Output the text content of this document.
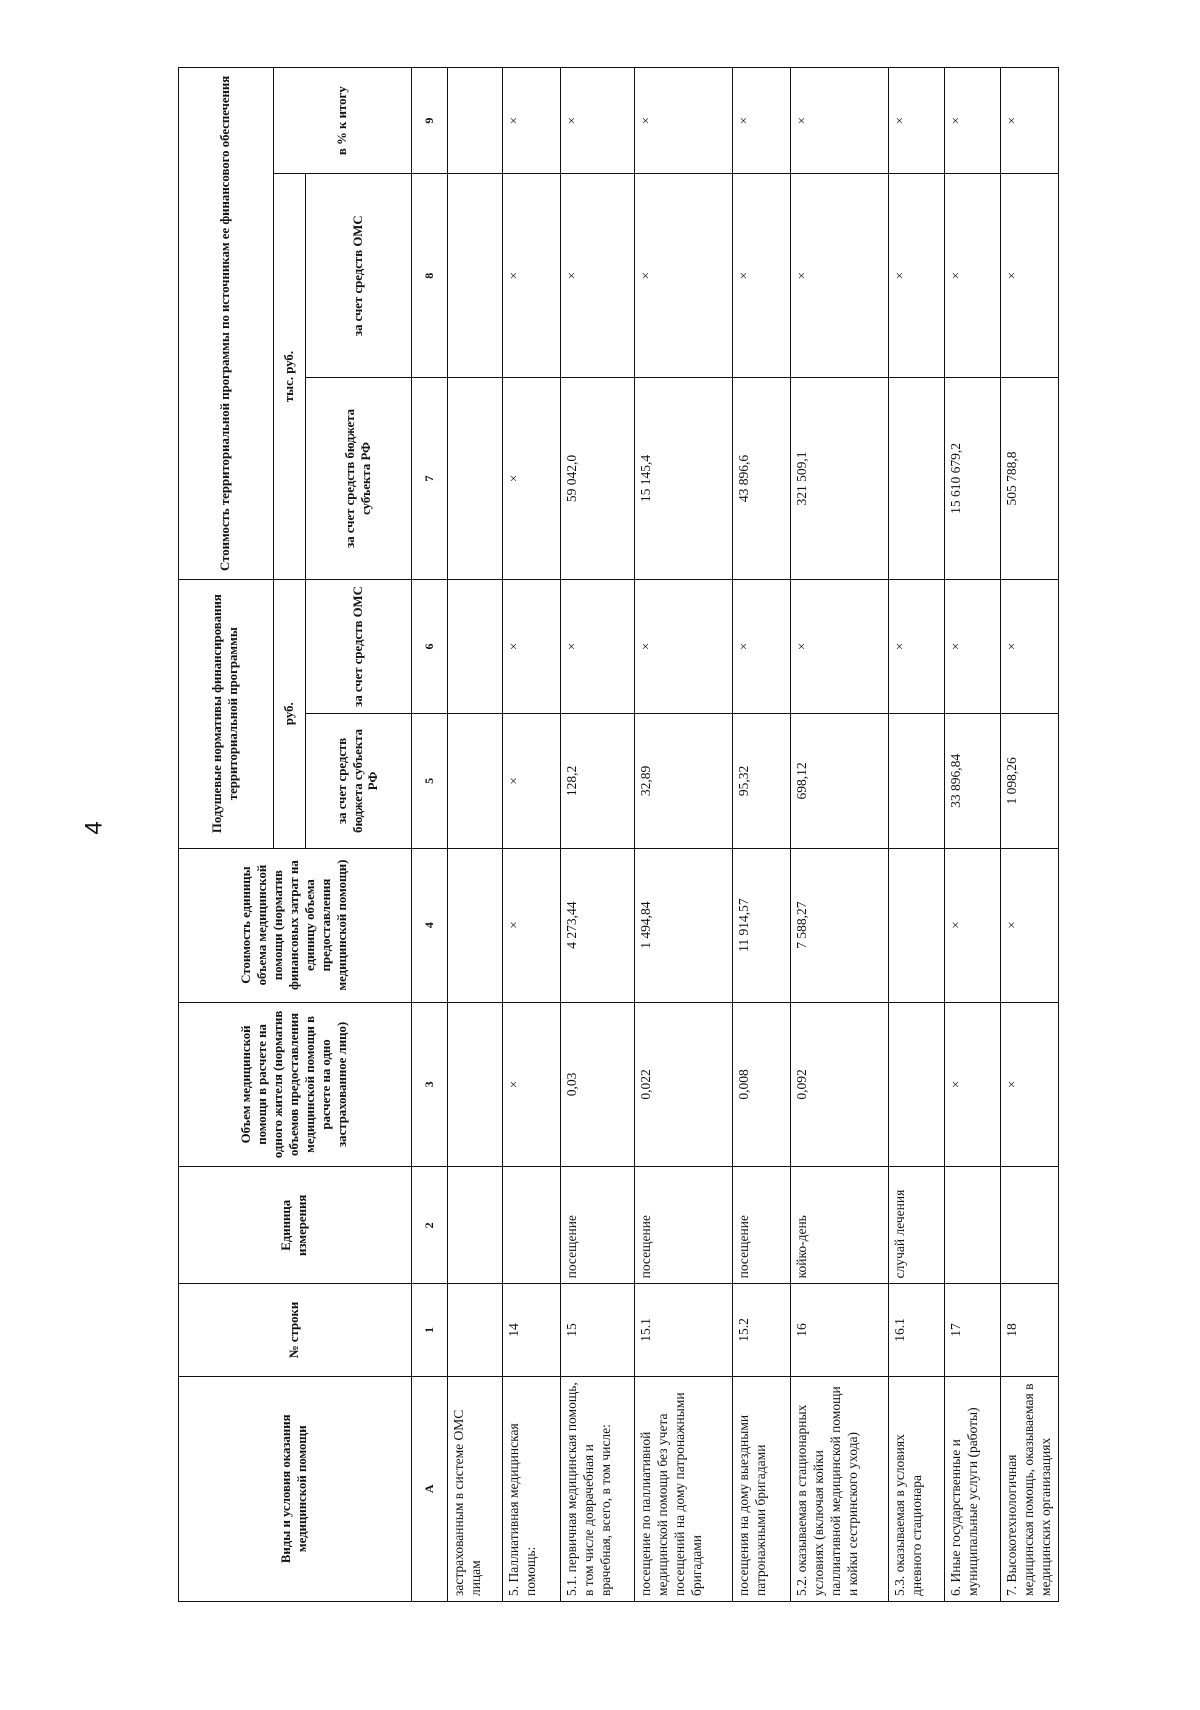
4
Виды и условия оказания медицинской помощи	№ строки	Единица измерения	Объем медицинской помощи в расчете на одного жителя (норматив объемов предоставления медицинской помощи в расчете на одно застрахованное лицо)	Стоимость единицы объема медицинской помощи (норматив финансовых затрат на единицу объема предоставления медицинской помощи)	Подушевые нормативы финансирования территориальной программы		Стоимость территориальной программы по источникам ее финансового обеспечения		
					руб.		тыс. руб.		в % к итогу
					за счет средств бюджета субъекта РФ	за счет средств ОМС	за счет средств бюджета субъекта РФ	за счет средств ОМС	
A	1	2	3	4	5	6	7	8	9
застрахованным в системе ОМС лицам									
5. Паллиативная медицинская помощь:	14		×	×	×	×	×	×	×
5.1. первичная медицинская помощь, в том числе доврачебная и врачебная, всего, в том числе:	15	посещение	0,03	4 273,44	128,2	×	59 042,0	×	×
посещение по паллиативной медицинской помощи без учета посещений на дому патронажными бригадами	15.1	посещение	0,022	1 494,84	32,89	×	15 145,4	×	×
посещения на дому выездными патронажными бригадами	15.2	посещение	0,008	11 914,57	95,32	×	43 896,6	×	×
5.2. оказываемая в стационарных условиях (включая койки паллиативной медицинской помощи и койки сестринского ухода)	16	койко-день	0,092	7 588,27	698,12	×	321 509,1	×	×
5.3. оказываемая в условиях дневного стационара	16.1	случай лечения				×		×	×
6. Иные государственные и муниципальные услуги (работы)	17		×	×	33 896,84	×	15 610 679,2	×	×
7. Высокотехнологичная медицинская помощь, оказываемая в медицинских организациях	18		×	×	1 098,26	×	505 788,8	×	×
